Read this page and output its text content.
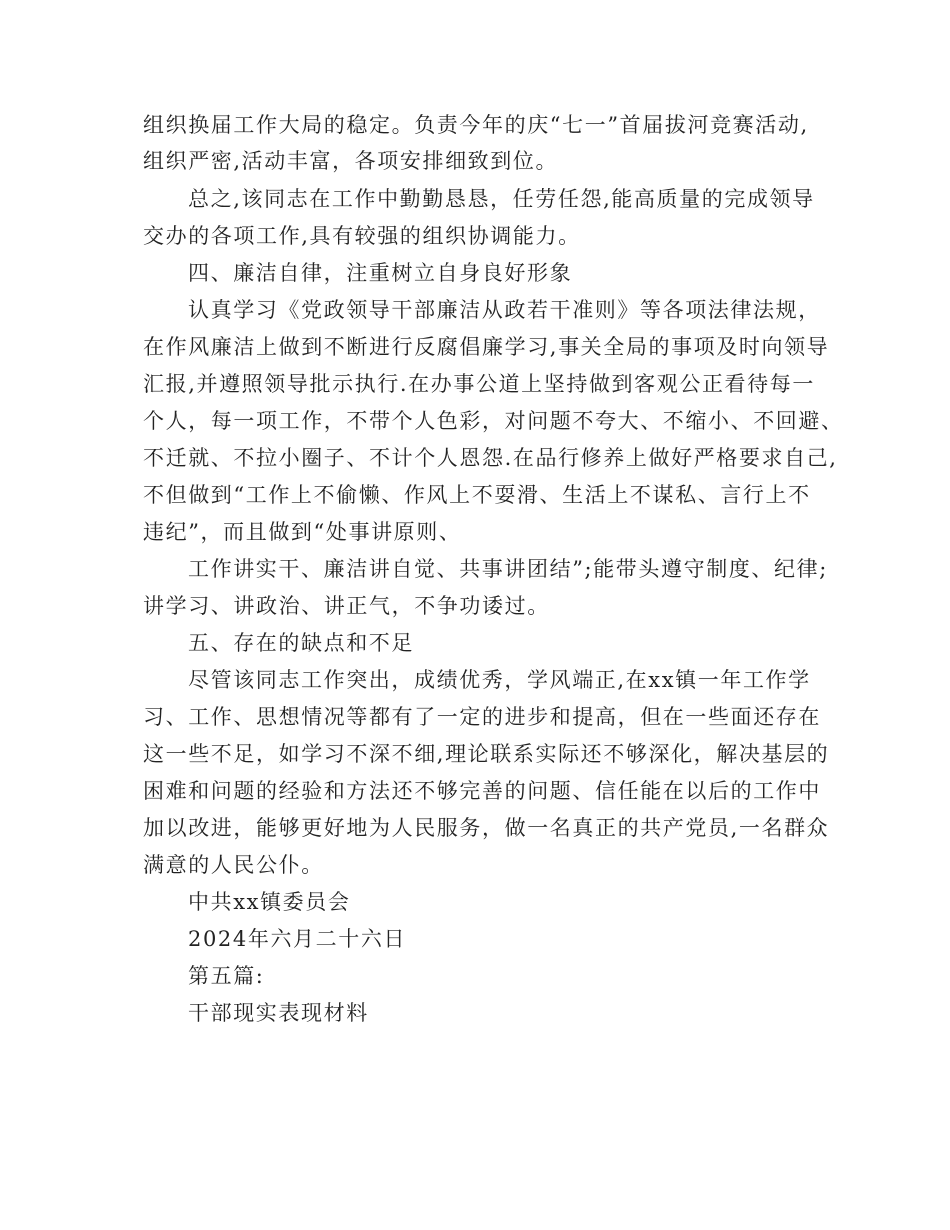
组织换届工作大局的稳定。负责今年的庆“七一”首届拔河竞赛活动,
组织严密,活动丰富，各项安排细致到位。
总之,该同志在工作中勤勤恳恳，任劳任怨,能高质量的完成领导
交办的各项工作,具有较强的组织协调能力。
四、廉洁自律，注重树立自身良好形象
认真学习《党政领导干部廉洁从政若干准则》等各项法律法规，
在作风廉洁上做到不断进行反腐倡廉学习,事关全局的事项及时向领导
汇报,并遵照领导批示执行.在办事公道上坚持做到客观公正看待每一
个人，每一项工作，不带个人色彩，对问题不夸大、不缩小、不回避、
不迁就、不拉小圈子、不计个人恩怨.在品行修养上做好严格要求自己,
不但做到“工作上不偷懒、作风上不耍滑、生活上不谋私、言行上不
违纪”，而且做到“处事讲原则、
工作讲实干、廉洁讲自觉、共事讲团结”;能带头遵守制度、纪律;
讲学习、讲政治、讲正气，不争功诿过。
五、存在的缺点和不足
尽管该同志工作突出，成绩优秀，学风端正,在xx镇一年工作学
习、工作、思想情况等都有了一定的进步和提高，但在一些面还存在
这一些不足，如学习不深不细,理论联系实际还不够深化，解决基层的
困难和问题的经验和方法还不够完善的问题、信任能在以后的工作中
加以改进，能够更好地为人民服务，做一名真正的共产党员,一名群众
满意的人民公仆。
中共xx镇委员会
2024年六月二十六日
第五篇:
干部现实表现材料
